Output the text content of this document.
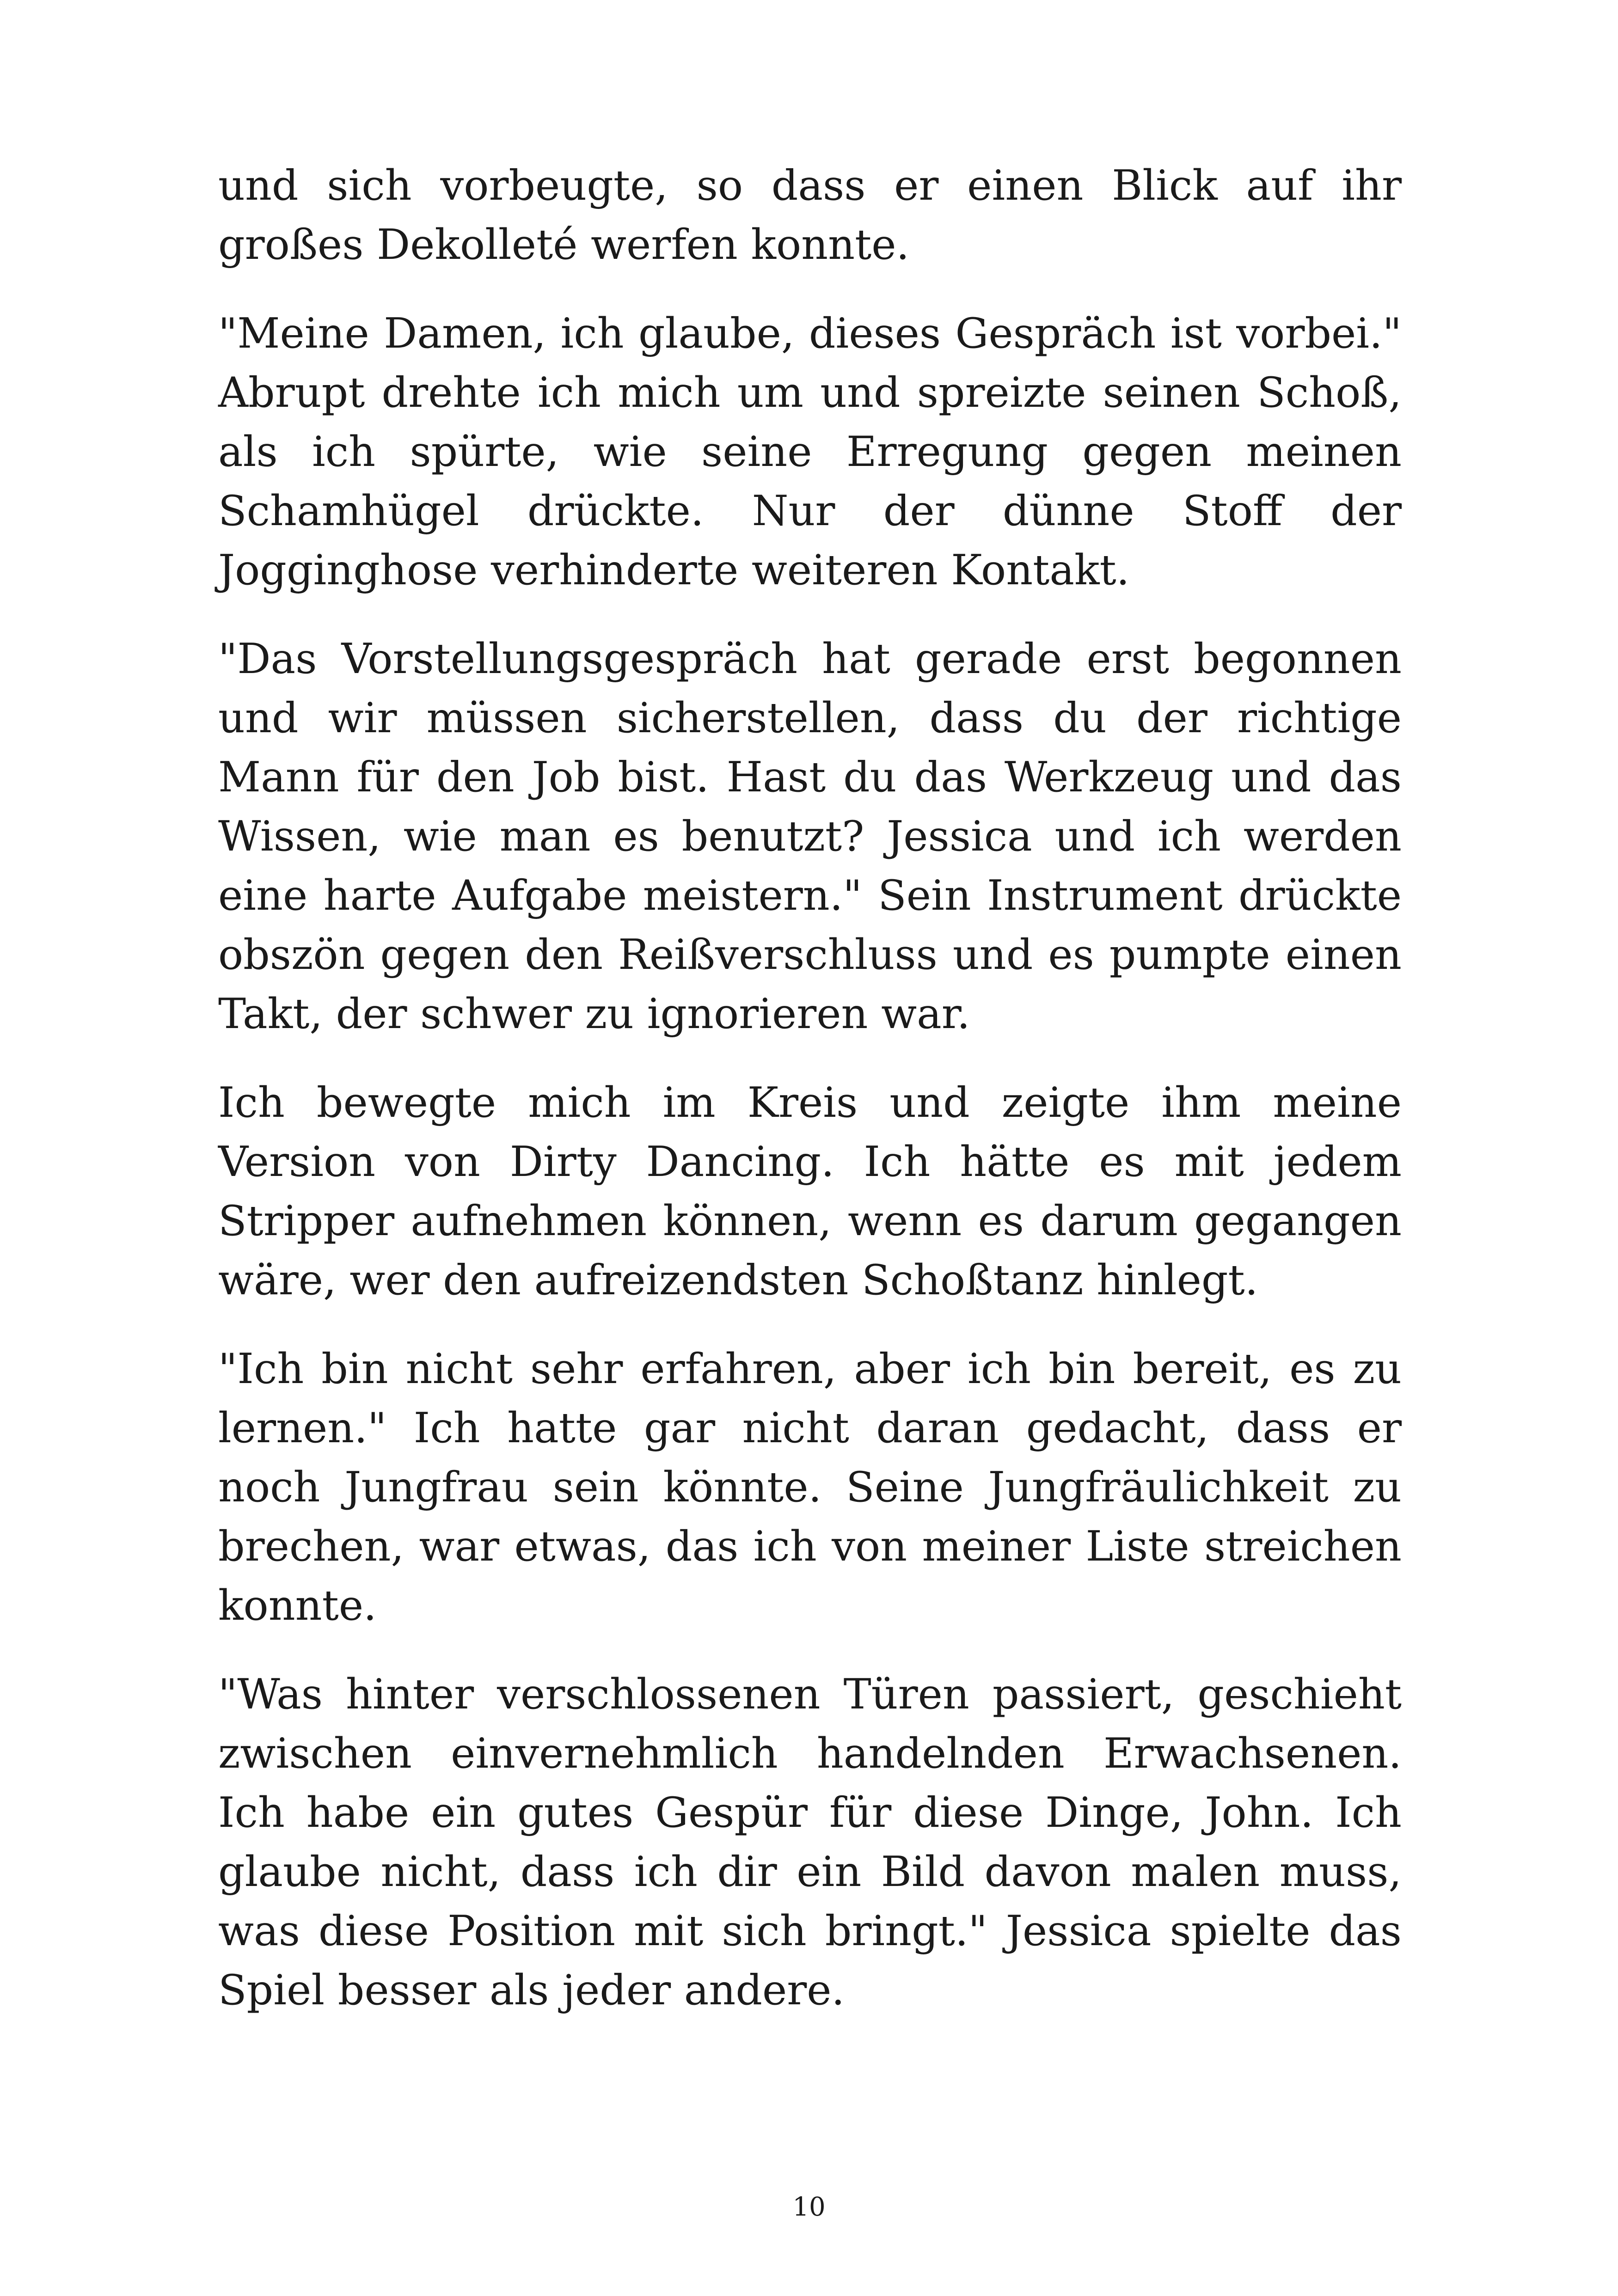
und sich vorbeugte, so dass er einen Blick auf ihr großes Dekolleté werfen konnte.

"Meine Damen, ich glaube, dieses Gespräch ist vorbei." Abrupt drehte ich mich um und spreizte seinen Schoß, als ich spürte, wie seine Erregung gegen meinen Schamhügel drückte. Nur der dünne Stoff der Jogginghose verhinderte weiteren Kontakt.

"Das Vorstellungsgespräch hat gerade erst begonnen und wir müssen sicherstellen, dass du der richtige Mann für den Job bist. Hast du das Werkzeug und das Wissen, wie man es benutzt? Jessica und ich werden eine harte Aufgabe meistern." Sein Instrument drückte obszön gegen den Reißverschluss und es pumpte einen Takt, der schwer zu ignorieren war.

Ich bewegte mich im Kreis und zeigte ihm meine Version von Dirty Dancing. Ich hätte es mit jedem Stripper aufnehmen können, wenn es darum gegangen wäre, wer den aufreizendsten Schoßtanz hinlegt.

"Ich bin nicht sehr erfahren, aber ich bin bereit, es zu lernen." Ich hatte gar nicht daran gedacht, dass er noch Jungfrau sein könnte. Seine Jungfräulichkeit zu brechen, war etwas, das ich von meiner Liste streichen konnte.

"Was hinter verschlossenen Türen passiert, geschieht zwischen einvernehmlich handelnden Erwachsenen. Ich habe ein gutes Gespür für diese Dinge, John. Ich glaube nicht, dass ich dir ein Bild davon malen muss, was diese Position mit sich bringt." Jessica spielte das Spiel besser als jeder andere.

10
